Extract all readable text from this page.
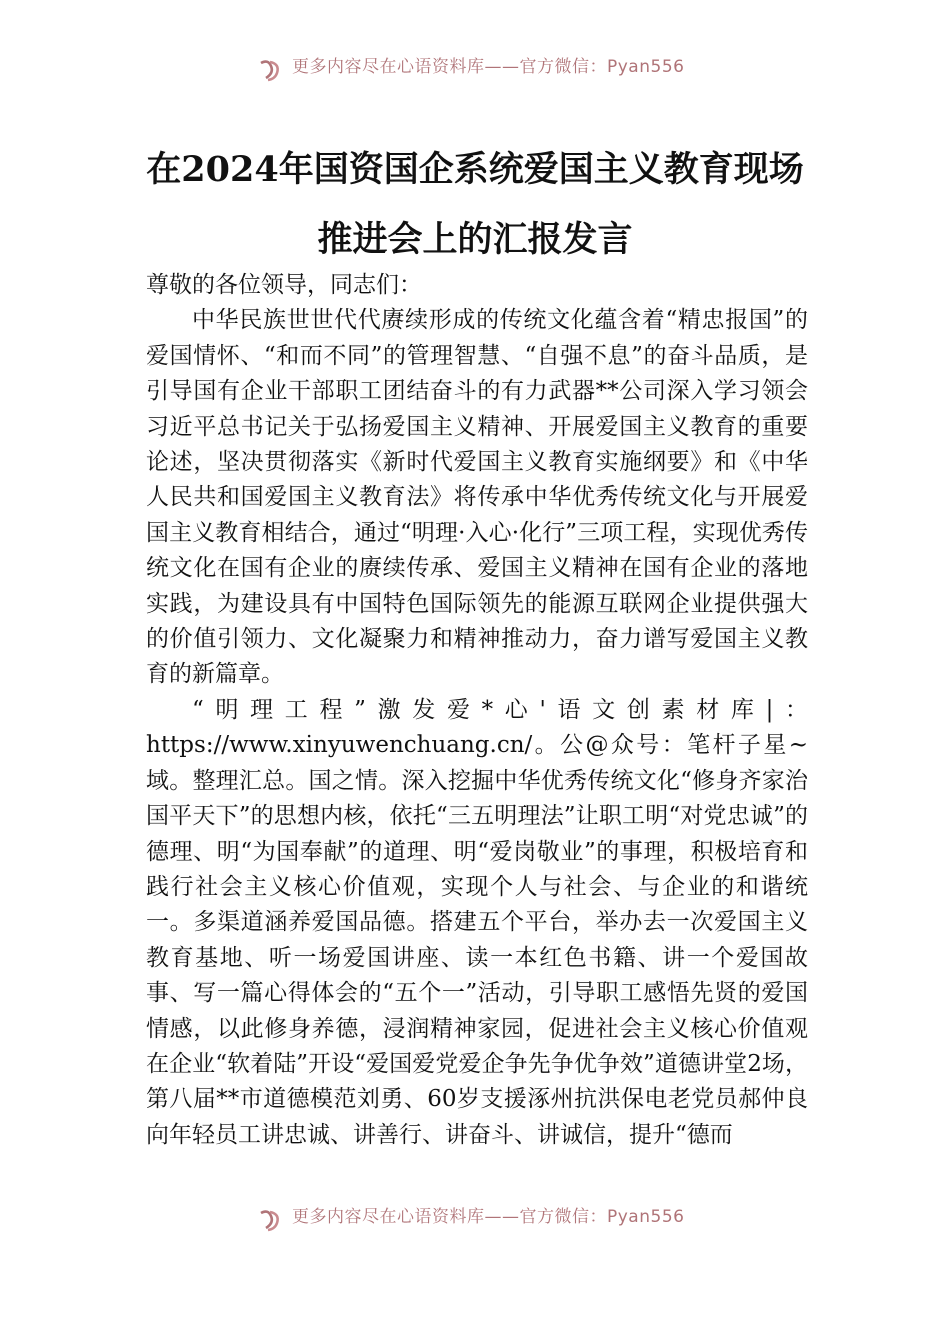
更多内容尽在心语资料库——官方微信：Pyan556
在2024年国资国企系统爱国主义教育现场
推进会上的汇报发言

尊敬的各位领导，同志们：

中华民族世世代代赓续形成的传统文化蕴含着“精忠报国”的爱国情怀、“和而不同”的管理智慧、“自强不息”的奋斗品质，是引导国有企业干部职工团结奋斗的有力武器**公司深入学习领会习近平总书记关于弘扬爱国主义精神、开展爱国主义教育的重要论述，坚决贯彻落实《新时代爱国主义教育实施纲要》和《中华人民共和国爱国主义教育法》将传承中华优秀传统文化与开展爱国主义教育相结合，通过“明理·入心·化行”三项工程，实现优秀传统文化在国有企业的赓续传承、爱国主义精神在国有企业的落地实践，为建设具有中国特色国际领先的能源互联网企业提供强大的价值引领力、文化凝聚力和精神推动力，奋力谱写爱国主义教育的新篇章。

“明理工程”激发爱*心'语文创素材库|：https://www.xinyuwenchuang.cn/。公@众号：笔杆子星~域。整理汇总。国之情。深入挖掘中华优秀传统文化“修身齐家治国平天下”的思想内核，依托“三五明理法”让职工明“对党忠诚”的德理、明“为国奉献”的道理、明“爱岗敬业”的事理，积极培育和践行社会主义核心价值观，实现个人与社会、与企业的和谐统一。多渠道涵养爱国品德。搭建五个平台，举办去一次爱国主义教育基地、听一场爱国讲座、读一本红色书籍、讲一个爱国故事、写一篇心得体会的“五个一”活动，引导职工感悟先贤的爱国情感，以此修身养德，浸润精神家园，促进社会主义核心价值观在企业“软着陆”开设“爱国爱党爱企争先争优争效”道德讲堂2场，第八届**市道德模范刘勇、60岁支援涿州抗洪保电老党员郝仲良向年轻员工讲忠诚、讲善行、讲奋斗、讲诚信，提升“德而

更多内容尽在心语资料库——官方微信：Pyan556
